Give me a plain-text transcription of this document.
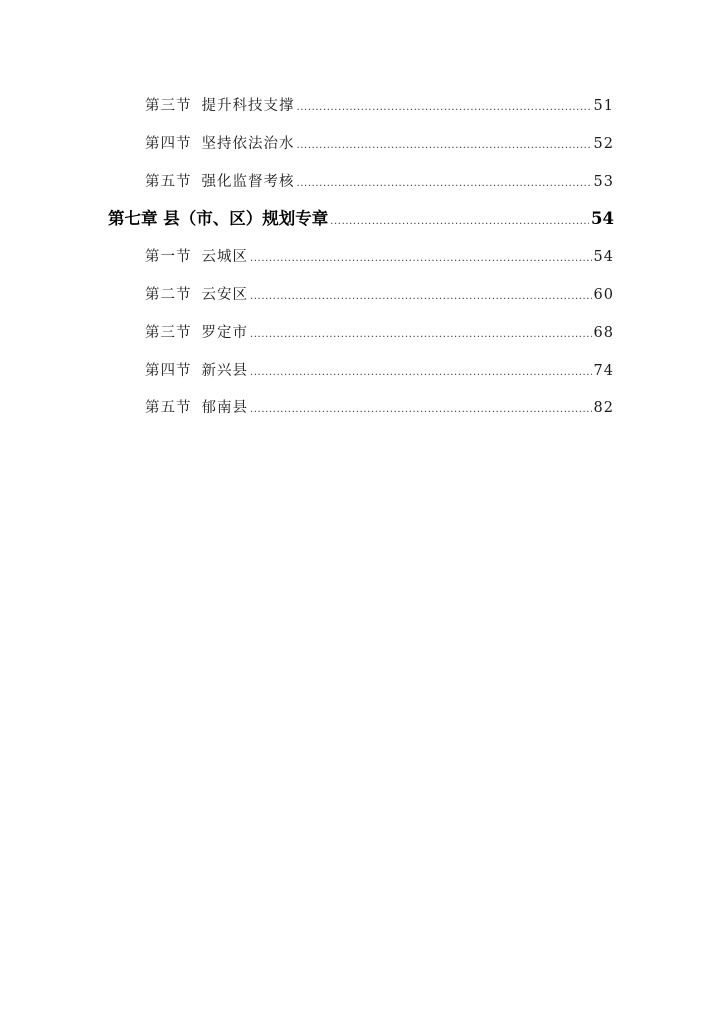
第三节 提升科技支撑 .....	51
第四节 坚持依法治水 .....	52
第五节 强化监督考核 .....	53
第七章 县（市、区）规划专章 .....	54
第一节 云城区 .....	54
第二节 云安区 .....	60
第三节 罗定市 .....	68
第四节 新兴县 .....	74
第五节 郁南县 .....	82
